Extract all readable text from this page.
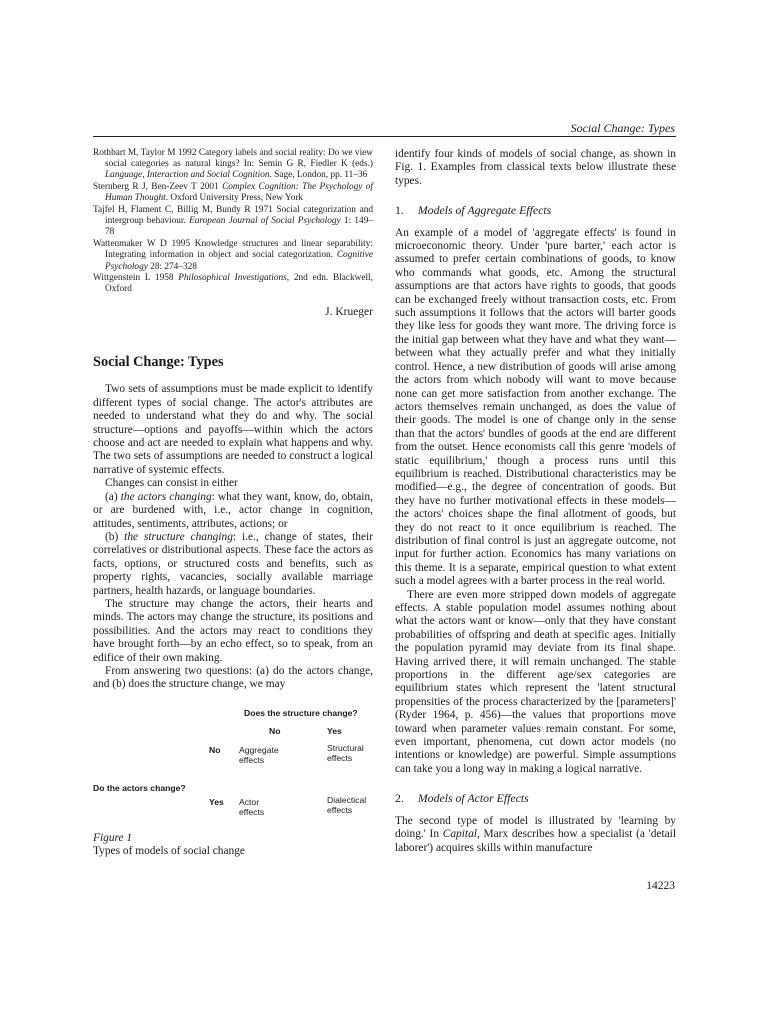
Social Change: Types

Rothbart M, Taylor M 1992 Category labels and social reality: Do we view social categories as natural kings? In: Semin G R, Fiedler K (eds.) Language, Interaction and Social Cognition. Sage, London, pp. 11–36

Sternberg R J, Ben-Zeev T 2001 Complex Cognition: The Psychology of Human Thought. Oxford University Press, New York

Tajfel H, Flament C, Billig M, Bundy R 1971 Social categorization and intergroup behaviour. European Journal of Social Psychology 1: 149–78

Wattenmaker W D 1995 Knowledge structures and linear separability: Integrating information in object and social categorization. Cognitive Psychology 28: 274–328

Wittgenstein L 1958 Philosophical Investigations, 2nd edn. Blackwell, Oxford

J. Krueger
Social Change: Types

Two sets of assumptions must be made explicit to identify different types of social change. The actor's attributes are needed to understand what they do and why. The social structure—options and payoffs—within which the actors choose and act are needed to explain what happens and why. The two sets of assumptions are needed to construct a logical narrative of systemic effects.

Changes can consist in either

(a) the actors changing: what they want, know, do, obtain, or are burdened with, i.e., actor change in cognition, attitudes, sentiments, attributes, actions; or

(b) the structure changing: i.e., change of states, their correlatives or distributional aspects. These face the actors as facts, options, or structured costs and benefits, such as property rights, vacancies, socially available marriage partners, health hazards, or language boundaries.

The structure may change the actors, their hearts and minds. The actors may change the structure, its positions and possibilities. And the actors may react to conditions they have brought forth—by an echo effect, so to speak, from an edifice of their own making.

From answering two questions: (a) do the actors change, and (b) does the structure change, we may

Does the structure change?
No	Yes
No Aggregate
effects
Structural
effects
Do the actors change?
Yes Actor
effects
Dialectical
effects
Figure 1
Types of models of social change

identify four kinds of models of social change, as shown in Fig. 1. Examples from classical texts below illustrate these types.

1. Models of Aggregate Effects

An example of a model of 'aggregate effects' is found in microeconomic theory. Under 'pure barter,' each actor is assumed to prefer certain combinations of goods, to know who commands what goods, etc. Among the structural assumptions are that actors have rights to goods, that goods can be exchanged freely without transaction costs, etc. From such assumptions it follows that the actors will barter goods they like less for goods they want more. The driving force is the initial gap between what they have and what they want—between what they actually prefer and what they initially control. Hence, a new distribution of goods will arise among the actors from which nobody will want to move because none can get more satisfaction from another exchange. The actors themselves remain unchanged, as does the value of their goods. The model is one of change only in the sense than that the actors' bundles of goods at the end are different from the outset. Hence economists call this genre 'models of static equilibrium,' though a process runs until this equilibrium is reached. Distributional characteristics may be modified—e.g., the degree of concentration of goods. But they have no further motivational effects in these models—the actors' choices shape the final allotment of goods, but they do not react to it once equilibrium is reached. The distribution of final control is just an aggregate outcome, not input for further action. Economics has many variations on this theme. It is a separate, empirical question to what extent such a model agrees with a barter process in the real world.

There are even more stripped down models of aggregate effects. A stable population model assumes nothing about what the actors want or know—only that they have constant probabilities of offspring and death at specific ages. Initially the population pyramid may deviate from its final shape. Having arrived there, it will remain unchanged. The stable proportions in the different age/sex categories are equilibrium states which represent the 'latent structural propensities of the process characterized by the [parameters]' (Ryder 1964, p. 456)—the values that proportions move toward when parameter values remain constant. For some, even important, phenomena, cut down actor models (no intentions or knowledge) are powerful. Simple assumptions can take you a long way in making a logical narrative.

2. Models of Actor Effects

The second type of model is illustrated by 'learning by doing.' In Capital, Marx describes how a specialist (a 'detail laborer') acquires skills within manufacture

14223
